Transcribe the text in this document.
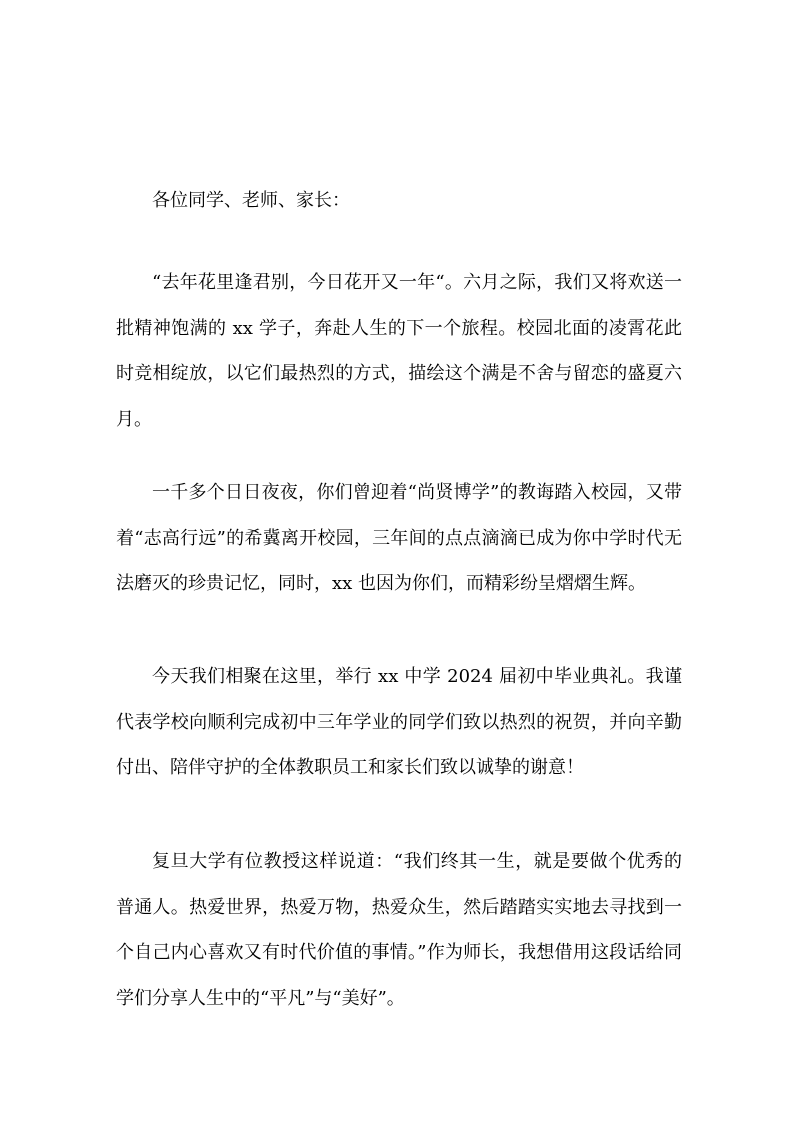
各位同学、老师、家长：

“去年花里逢君别，今日花开又一年“。六月之际，我们又将欢送一批精神饱满的 xx 学子，奔赴人生的下一个旅程。校园北面的凌霄花此时竞相绽放，以它们最热烈的方式，描绘这个满是不舍与留恋的盛夏六月。

一千多个日日夜夜，你们曾迎着“尚贤博学”的教诲踏入校园，又带着“志高行远”的希冀离开校园，三年间的点点滴滴已成为你中学时代无法磨灭的珍贵记忆，同时，xx 也因为你们，而精彩纷呈熠熠生辉。

今天我们相聚在这里，举行 xx 中学 2024 届初中毕业典礼。我谨代表学校向顺利完成初中三年学业的同学们致以热烈的祝贺，并向辛勤付出、陪伴守护的全体教职员工和家长们致以诚挚的谢意！

复旦大学有位教授这样说道：“我们终其一生，就是要做个优秀的普通人。热爱世界，热爱万物，热爱众生，然后踏踏实实地去寻找到一个自己内心喜欢又有时代价值的事情。”作为师长，我想借用这段话给同学们分享人生中的“平凡”与“美好”。
